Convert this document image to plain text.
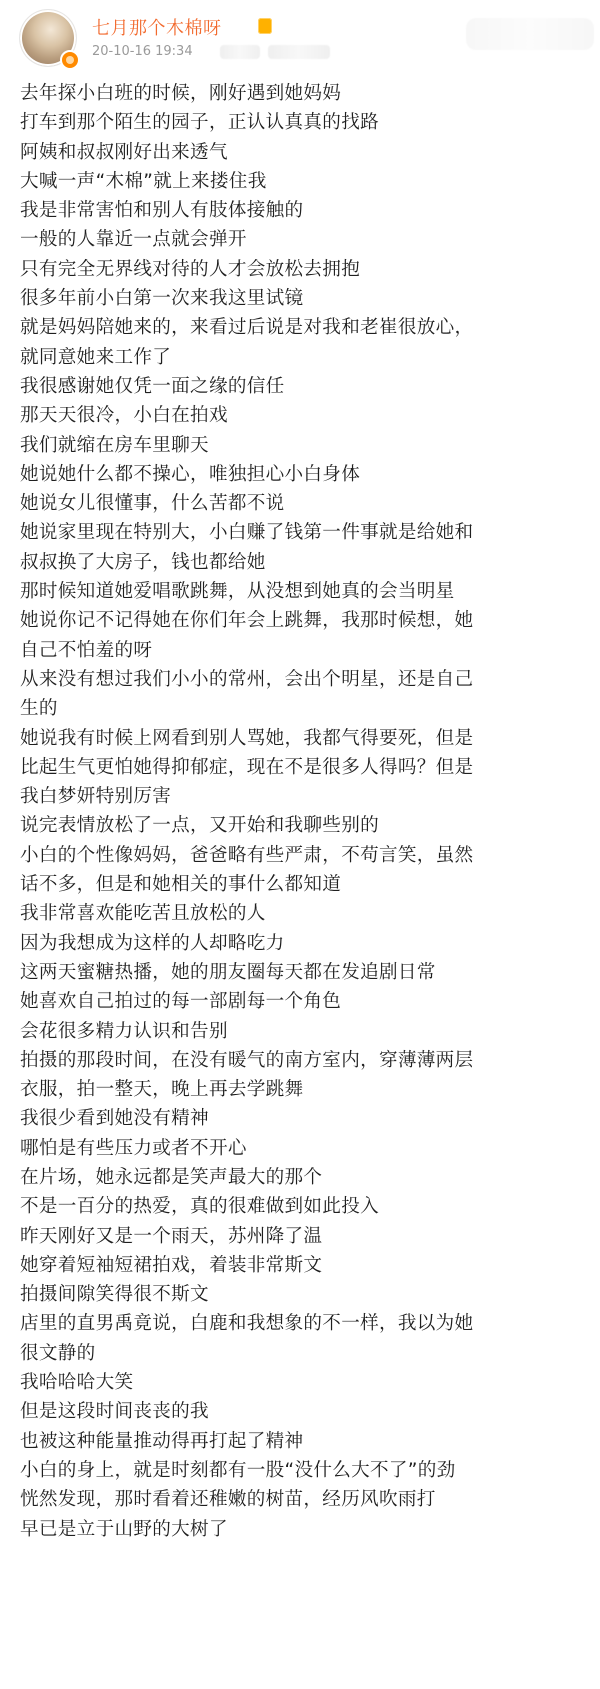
七月那个木棉呀
20-10-16 19:34
去年探小白班的时候，刚好遇到她妈妈
打车到那个陌生的园子，正认认真真的找路
阿姨和叔叔刚好出来透气
大喊一声“木棉”就上来搂住我
我是非常害怕和别人有肢体接触的
一般的人靠近一点就会弹开
只有完全无界线对待的人才会放松去拥抱
很多年前小白第一次来我这里试镜
就是妈妈陪她来的，来看过后说是对我和老崔很放心，
就同意她来工作了
我很感谢她仅凭一面之缘的信任
那天天很冷，小白在拍戏
我们就缩在房车里聊天
她说她什么都不操心，唯独担心小白身体
她说女儿很懂事，什么苦都不说
她说家里现在特别大，小白赚了钱第一件事就是给她和
叔叔换了大房子，钱也都给她
那时候知道她爱唱歌跳舞，从没想到她真的会当明星
她说你记不记得她在你们年会上跳舞，我那时候想，她
自己不怕羞的呀
从来没有想过我们小小的常州，会出个明星，还是自己
生的
她说我有时候上网看到别人骂她，我都气得要死，但是
比起生气更怕她得抑郁症，现在不是很多人得吗？但是
我白梦妍特别厉害
说完表情放松了一点，又开始和我聊些别的
小白的个性像妈妈，爸爸略有些严肃，不苟言笑，虽然
话不多，但是和她相关的事什么都知道
我非常喜欢能吃苦且放松的人
因为我想成为这样的人却略吃力
这两天蜜糖热播，她的朋友圈每天都在发追剧日常
她喜欢自己拍过的每一部剧每一个角色
会花很多精力认识和告别
拍摄的那段时间，在没有暖气的南方室内，穿薄薄两层
衣服，拍一整天，晚上再去学跳舞
我很少看到她没有精神
哪怕是有些压力或者不开心
在片场，她永远都是笑声最大的那个
不是一百分的热爱，真的很难做到如此投入
昨天刚好又是一个雨天，苏州降了温
她穿着短袖短裙拍戏，着装非常斯文
拍摄间隙笑得很不斯文
店里的直男禹竟说，白鹿和我想象的不一样，我以为她
很文静的
我哈哈哈大笑
但是这段时间丧丧的我
也被这种能量推动得再打起了精神
小白的身上，就是时刻都有一股“没什么大不了”的劲
恍然发现，那时看着还稚嫩的树苗，经历风吹雨打
早已是立于山野的大树了
